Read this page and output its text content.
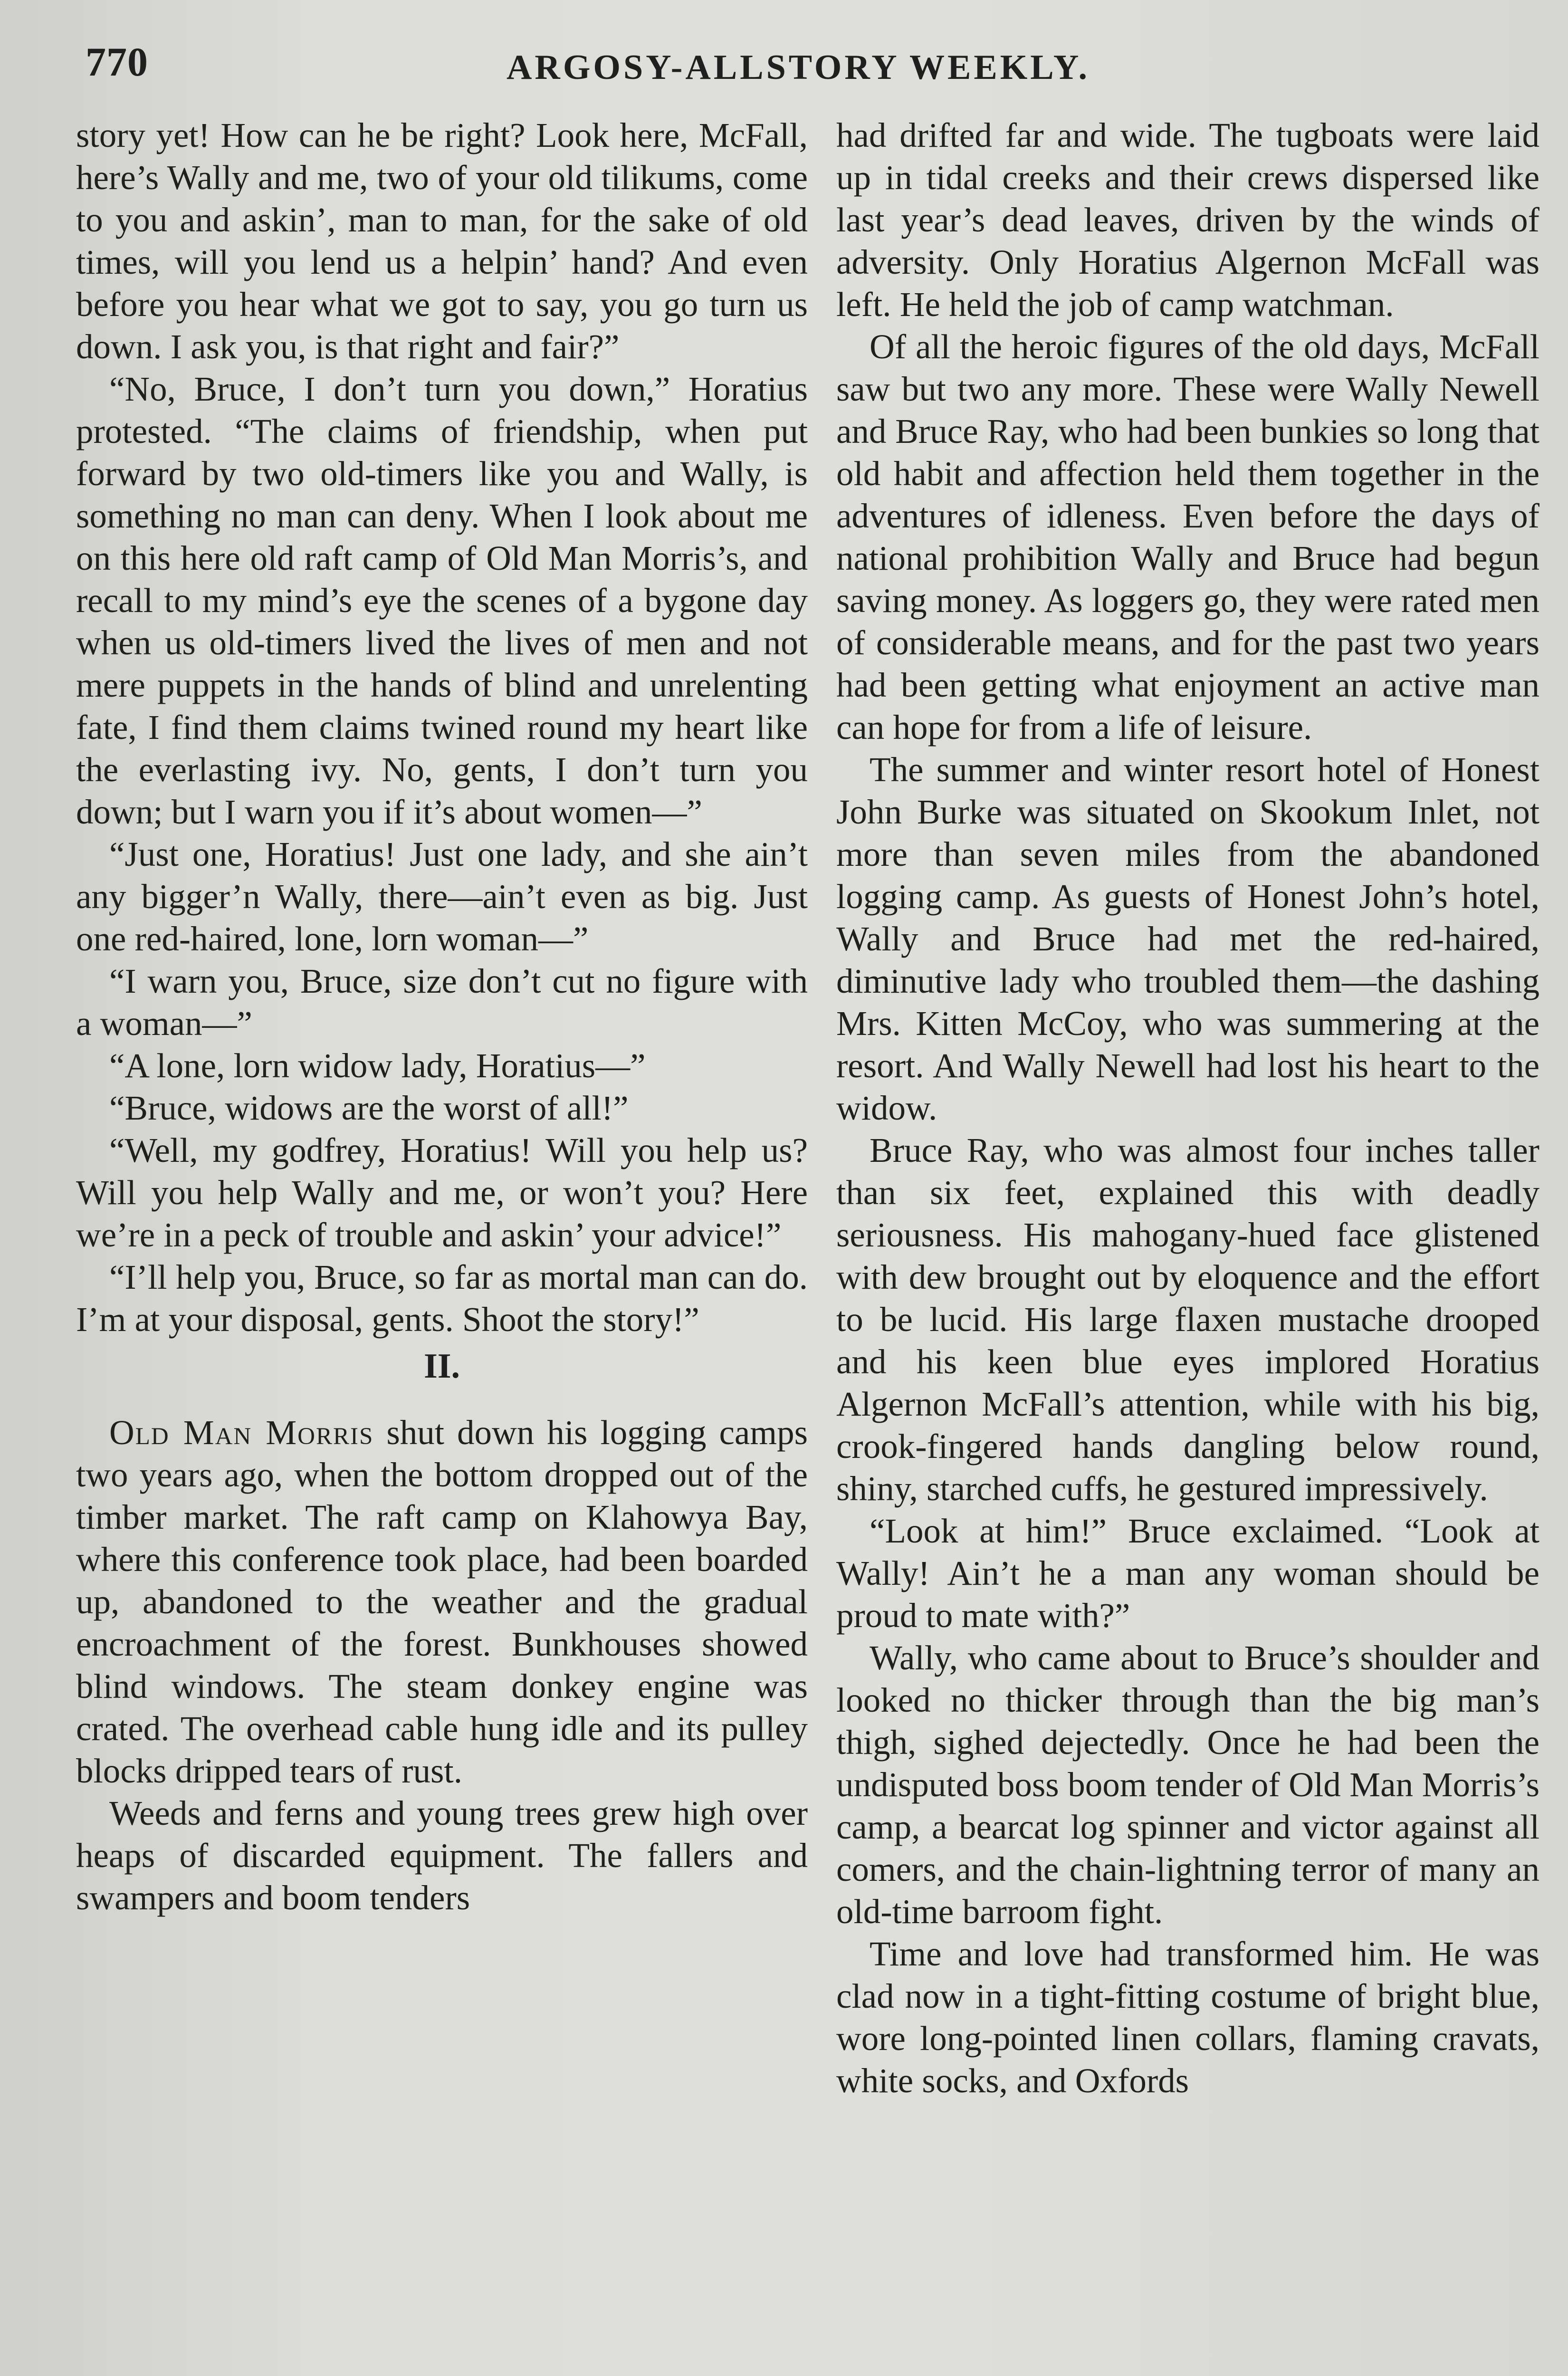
770	ARGOSY-ALLSTORY WEEKLY.

story yet! How can he be right? Look here, McFall, here’s Wally and me, two of your old tilikums, come to you and askin’, man to man, for the sake of old times, will you lend us a helpin’ hand? And even before you hear what we got to say, you go turn us down. I ask you, is that right and fair?”

“No, Bruce, I don’t turn you down,” Horatius protested. “The claims of friendship, when put forward by two old-timers like you and Wally, is something no man can deny. When I look about me on this here old raft camp of Old Man Morris’s, and recall to my mind’s eye the scenes of a bygone day when us old-timers lived the lives of men and not mere puppets in the hands of blind and unrelenting fate, I find them claims twined round my heart like the everlasting ivy. No, gents, I don’t turn you down; but I warn you if it’s about women—”

“Just one, Horatius! Just one lady, and she ain’t any bigger’n Wally, there—ain’t even as big. Just one red-haired, lone, lorn woman—”

“I warn you, Bruce, size don’t cut no figure with a woman—”

“A lone, lorn widow lady, Horatius—”

“Bruce, widows are the worst of all!”

“Well, my godfrey, Horatius! Will you help us? Will you help Wally and me, or won’t you? Here we’re in a peck of trouble and askin’ your advice!”

“I’ll help you, Bruce, so far as mortal man can do. I’m at your disposal, gents. Shoot the story!”

II.

Old Man Morris shut down his logging camps two years ago, when the bottom dropped out of the timber market. The raft camp on Klahowya Bay, where this conference took place, had been boarded up, abandoned to the weather and the gradual encroachment of the forest. Bunkhouses showed blind windows. The steam donkey engine was crated. The overhead cable hung idle and its pulley blocks dripped tears of rust.

Weeds and ferns and young trees grew high over heaps of discarded equipment. The fallers and swampers and boom tenders

had drifted far and wide. The tugboats were laid up in tidal creeks and their crews dispersed like last year’s dead leaves, driven by the winds of adversity. Only Horatius Algernon McFall was left. He held the job of camp watchman.

Of all the heroic figures of the old days, McFall saw but two any more. These were Wally Newell and Bruce Ray, who had been bunkies so long that old habit and affection held them together in the adventures of idleness. Even before the days of national prohibition Wally and Bruce had begun saving money. As loggers go, they were rated men of considerable means, and for the past two years had been getting what enjoyment an active man can hope for from a life of leisure.

The summer and winter resort hotel of Honest John Burke was situated on Skookum Inlet, not more than seven miles from the abandoned logging camp. As guests of Honest John’s hotel, Wally and Bruce had met the red-haired, diminutive lady who troubled them—the dashing Mrs. Kitten McCoy, who was summering at the resort. And Wally Newell had lost his heart to the widow.

Bruce Ray, who was almost four inches taller than six feet, explained this with deadly seriousness. His mahogany-hued face glistened with dew brought out by eloquence and the effort to be lucid. His large flaxen mustache drooped and his keen blue eyes implored Horatius Algernon McFall’s attention, while with his big, crook-fingered hands dangling below round, shiny, starched cuffs, he gestured impressively.

“Look at him!” Bruce exclaimed. “Look at Wally! Ain’t he a man any woman should be proud to mate with?”

Wally, who came about to Bruce’s shoulder and looked no thicker through than the big man’s thigh, sighed dejectedly. Once he had been the undisputed boss boom tender of Old Man Morris’s camp, a bearcat log spinner and victor against all comers, and the chain-lightning terror of many an old-time barroom fight.

Time and love had transformed him. He was clad now in a tight-fitting costume of bright blue, wore long-pointed linen collars, flaming cravats, white socks, and Oxfords
